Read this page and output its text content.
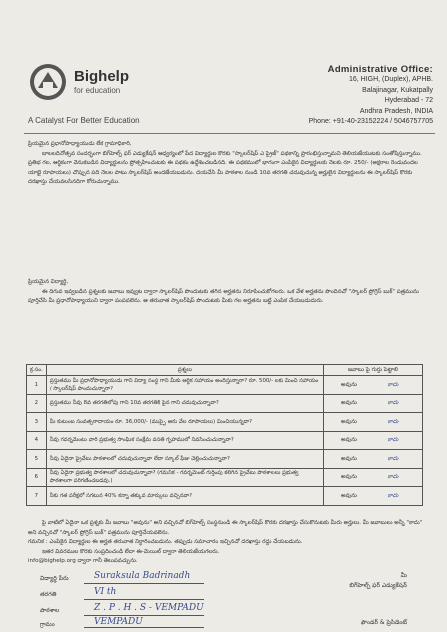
Bighelp
for education
A Catalyst For Better Education
Administrative Office:
16, HIGH, (Duplex), APHB.
Balajinagar, Kukatpally
Hyderabad - 72
Andhra Pradesh, INDIA
Phone: +91-40-23152224 / 5046757705

ప్రియమైన ప్రధానోపాధ్యాయుడు లేక గ్రామాధికారి,

బాలలదినోత్సవ సందర్భంగా బిగ్‌హెల్ప్ ఫర్ ఎడ్యుకేషన్ ఆధ్వర్యంలో పేద విద్యార్థుల కొరకు "స్కాలర్‌షిప్ ఎ ప్రైజ్" పథకాన్ని ప్రారంభిస్తున్నామని తెలియజేయుటకు సంతోషిస్తున్నాము. ప్రతిభ గల, ఆర్థికంగా వెనుకబడిన విద్యార్థులను ప్రోత్సహించుటకు ఈ పథకం ఉద్దేశించబడినది. ఈ పథకములో భాగంగా ఎంపికైన విద్యార్థులకు నెలకు రూ. 250/- (అక్షరాల రెండువందల యాభై రూపాయలు) చొప్పున పది నెలల పాటు స్కాలర్‌షిప్ అందజేయబడును. దయచేసి మీ పాఠశాల నుండి 10వ తరగతి చదువుచున్న అర్హులైన విద్యార్థులను ఈ స్కాలర్‌షిప్ కొరకు దరఖాస్తు చేయవలసినదిగా కోరుచున్నాము.

ప్రియమైన విద్యార్థి,

ఈ దిగువ ఇవ్వబడిన ప్రశ్నలకు జవాబు ఇవ్వుట ద్వారా స్కాలర్‌షిప్ పొందుటకు తగిన అర్హతను నిరూపించుకోగలరు. ఒక వేళ అర్హతను పొందినచో "స్కాలర్ ప్రోగ్రెస్ బుక్" పత్రమును పూర్తిచేసి మీ ప్రధానోపాధ్యాయుని ద్వారా పంపవలెను. ఆ తరువాత స్కాలర్‌షిప్ పొందుటకు మీకు గల అర్హతను బట్టి ఎంపిక చేయబడుదురు.

క్ర.సం.	ప్రశ్నలు	జవాబు పై గుర్తు పెట్టాలి
1	ప్రస్తుతము మీ ప్రధానోపాధ్యాయుడు గాని విద్యా సంస్థ గాని మీకు ఆర్థిక సహాయం అందిస్తున్నారా? రూ. 500/- లకు మించి సహాయం / స్కాలర్‌షిప్ పొందుచున్నారా?	అవును కాదు
2	ప్రస్తుతము నీవు 8వ తరగతిలోపు గాని 10వ తరగతికి పైన గాని చదువుచున్నావా?	అవును కాదు
3	మీ కుటుంబ సంవత్సరాదాయం రూ. 36,000/- (ముప్పై ఆరు వేల రూపాయలు) మించియున్నదా?	అవును కాదు
4	నీవు గవర్నమెంటు వారి ప్రభుత్వ సాంఘిక సంక్షేమ వసతి గృహములో నివసించుచున్నావా?	అవును కాదు
5	నీవు ఏదైనా ప్రైవేటు పాఠశాలలో చదువుచున్నావా లేదా స్కూల్ ఫీజు చెల్లించుచున్నావా?	అవును కాదు
6	నీవు ఏదైనా ప్రభుత్వ పాఠశాలలో చదువుచున్నావా? (గమనిక - గవర్నమెంట్ గుర్తింపు కలిగిన ప్రైవేటు పాఠశాలలు ప్రభుత్వ పాఠశాలగా పరిగణించబడవు.)	అవును కాదు
7	నీకు గత పరీక్షలో సగటున 40% కన్నా తక్కువ మార్కులు వచ్చినవా?	అవును కాదు

పై వాటిలో ఏదైనా ఒక ప్రశ్నకు మీ జవాబు "అవును" అని వచ్చినచో బిగ్‌హెల్ప్ సంస్థనుండి ఈ స్కాలర్‌షిప్ కొరకు దరఖాస్తు చేసుకొనుటకు మీరు అర్హులు. మీ జవాబులు అన్నీ "కాదు" అని వచ్చినచో "స్కాలర్ ప్రోగ్రెస్ బుక్" పత్రమును పూర్తిచేయవలెను.

గమనిక : ఎంపికైన విద్యార్థుల ఈ అర్హత తరువాత నిర్ధారించబడును. తప్పుడు సమాచారం ఇచ్చినచో దరఖాస్తు రద్దు చేయబడును.

ఇతర వివరముల కొరకు సంప్రదించండి లేదా ఈ-మెయిల్ ద్వారా తెలియజేయగలరు.

info@bighelp.org ద్వారా గానీ తెలుపవచ్చును.

విద్యార్థి పేరు	Suraksula Badrinadh
తరగతి	VI th
పాఠశాల	Z . P . H . S - VEMPADU
గ్రామం	VEMPADU
మీ
బిగ్‌హెల్ప్ ఫర్ ఎడ్యుకేషన్
ఫౌండర్ & ప్రెసిడెంట్
